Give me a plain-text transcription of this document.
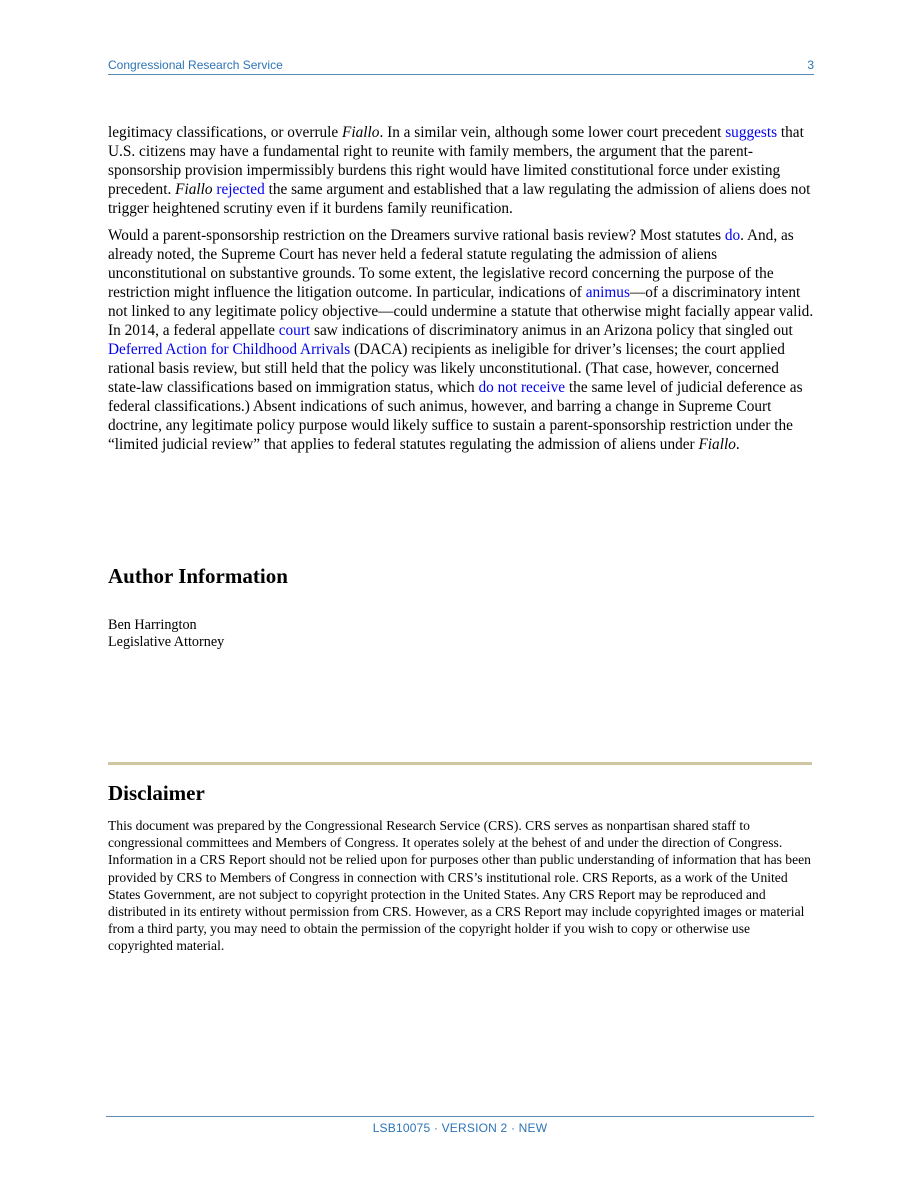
Congressional Research Service	3

legitimacy classifications, or overrule Fiallo. In a similar vein, although some lower court precedent suggests that U.S. citizens may have a fundamental right to reunite with family members, the argument that the parent-sponsorship provision impermissibly burdens this right would have limited constitutional force under existing precedent. Fiallo rejected the same argument and established that a law regulating the admission of aliens does not trigger heightened scrutiny even if it burdens family reunification.

Would a parent-sponsorship restriction on the Dreamers survive rational basis review? Most statutes do. And, as already noted, the Supreme Court has never held a federal statute regulating the admission of aliens unconstitutional on substantive grounds. To some extent, the legislative record concerning the purpose of the restriction might influence the litigation outcome. In particular, indications of animus—of a discriminatory intent not linked to any legitimate policy objective—could undermine a statute that otherwise might facially appear valid. In 2014, a federal appellate court saw indications of discriminatory animus in an Arizona policy that singled out Deferred Action for Childhood Arrivals (DACA) recipients as ineligible for driver’s licenses; the court applied rational basis review, but still held that the policy was likely unconstitutional. (That case, however, concerned state-law classifications based on immigration status, which do not receive the same level of judicial deference as federal classifications.) Absent indications of such animus, however, and barring a change in Supreme Court doctrine, any legitimate policy purpose would likely suffice to sustain a parent-sponsorship restriction under the “limited judicial review” that applies to federal statutes regulating the admission of aliens under Fiallo.

Author Information
Ben Harrington
Legislative Attorney
Disclaimer

This document was prepared by the Congressional Research Service (CRS). CRS serves as nonpartisan shared staff to congressional committees and Members of Congress. It operates solely at the behest of and under the direction of Congress. Information in a CRS Report should not be relied upon for purposes other than public understanding of information that has been provided by CRS to Members of Congress in connection with CRS’s institutional role. CRS Reports, as a work of the United States Government, are not subject to copyright protection in the United States. Any CRS Report may be reproduced and distributed in its entirety without permission from CRS. However, as a CRS Report may include copyrighted images or material from a third party, you may need to obtain the permission of the copyright holder if you wish to copy or otherwise use copyrighted material.

LSB10075 · VERSION 2 · NEW
